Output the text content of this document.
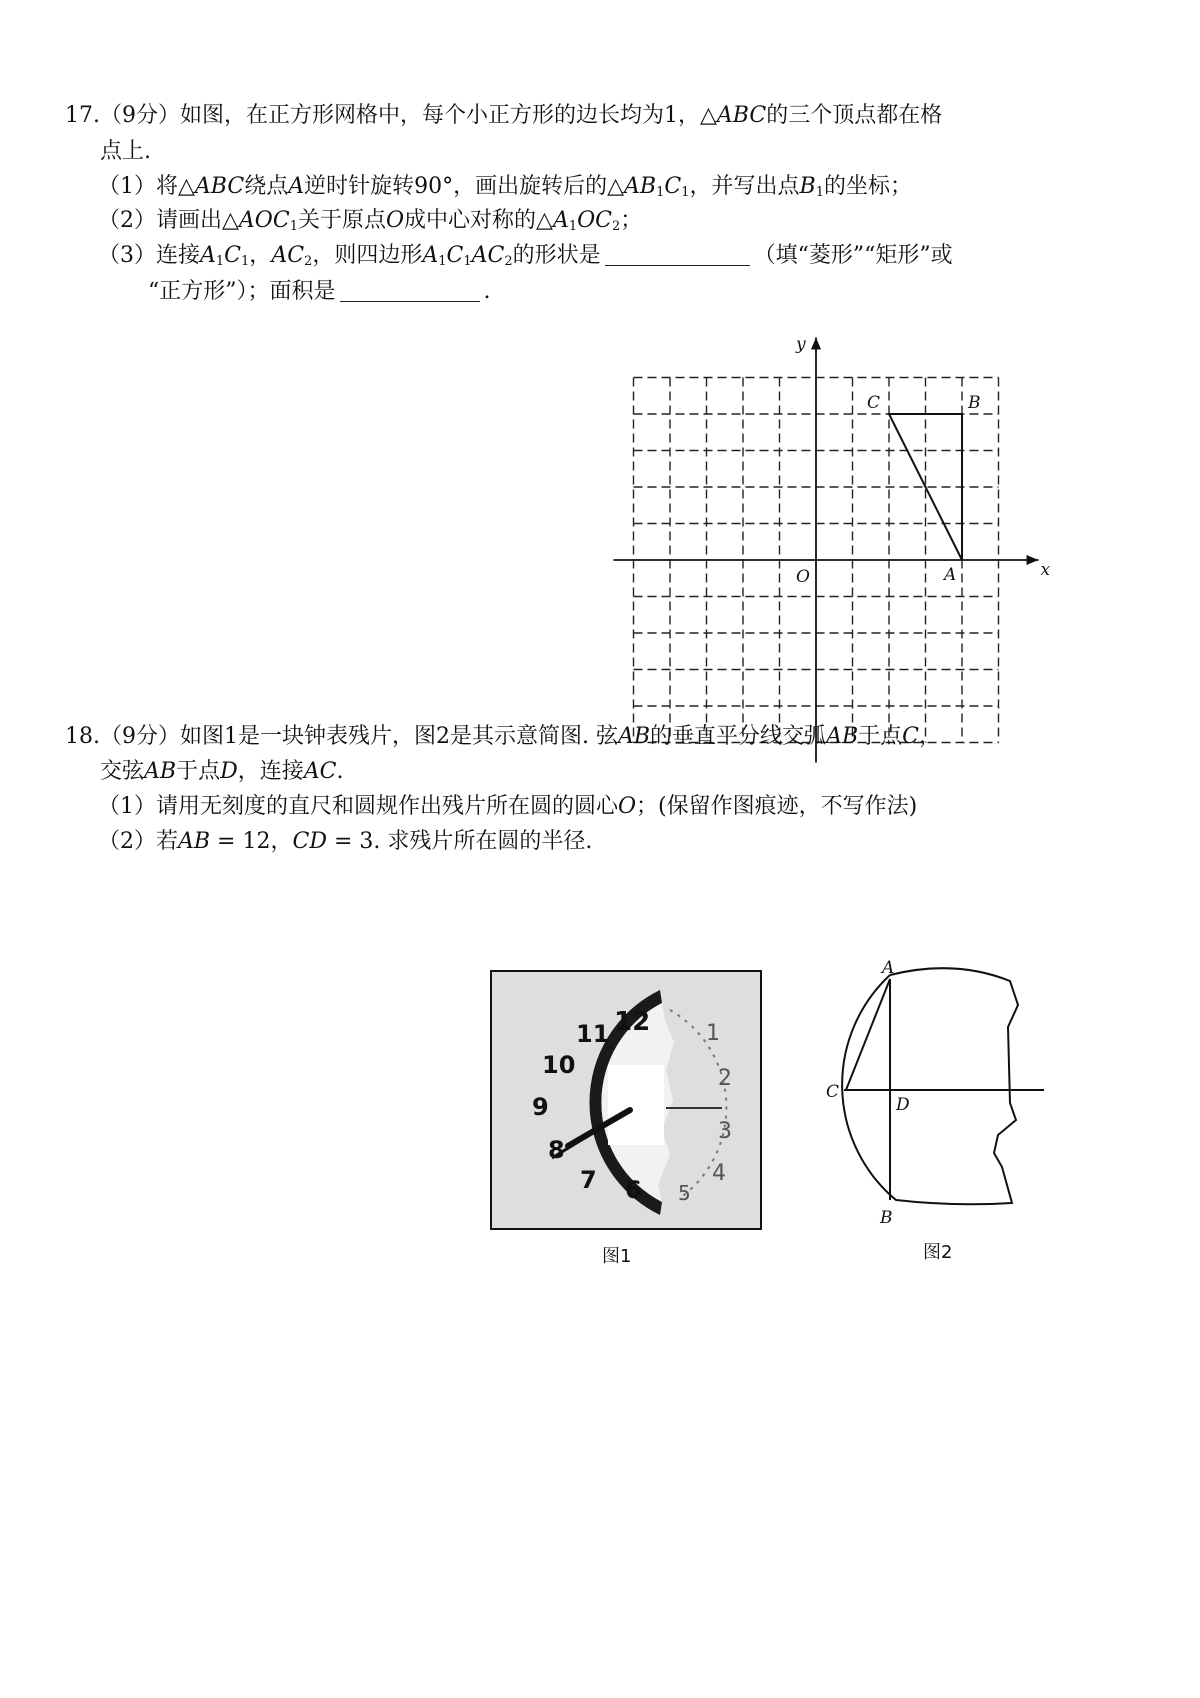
17.（9分）如图，在正方形网格中，每个小正方形的边长均为1，△ABC的三个顶点都在格
点上.
（1）将△ABC绕点A逆时针旋转90°，画出旋转后的$\triangle AB_1C_1$，并写出点$B_1$的坐标；
（2）请画出$\triangle AOC_1$关于原点O成中心对称的$\triangle A_1OC_2$；
（3）连接$A_1C_1$，$AC_2$，则四边形$A_1C_1AC_2$的形状是	（填“菱形”“矩形”或
“正方形”）；面积是	.
x
y
O	A
B
C
18.（9分）如图1是一块钟表残片，图2是其示意简图. 弦AB的垂直平分线交弧AB于点C，
交弦AB于点D，连接AC.
（1）请用无刻度的直尺和圆规作出残片所在圆的圆心O；(保留作图痕迹，不写作法)
（2）若AB = 12，CD = 3. 求残片所在圆的半径.
12
11
10
9
8
7 6
1
2
3
4
5
图1
A
C
D
B
图2
